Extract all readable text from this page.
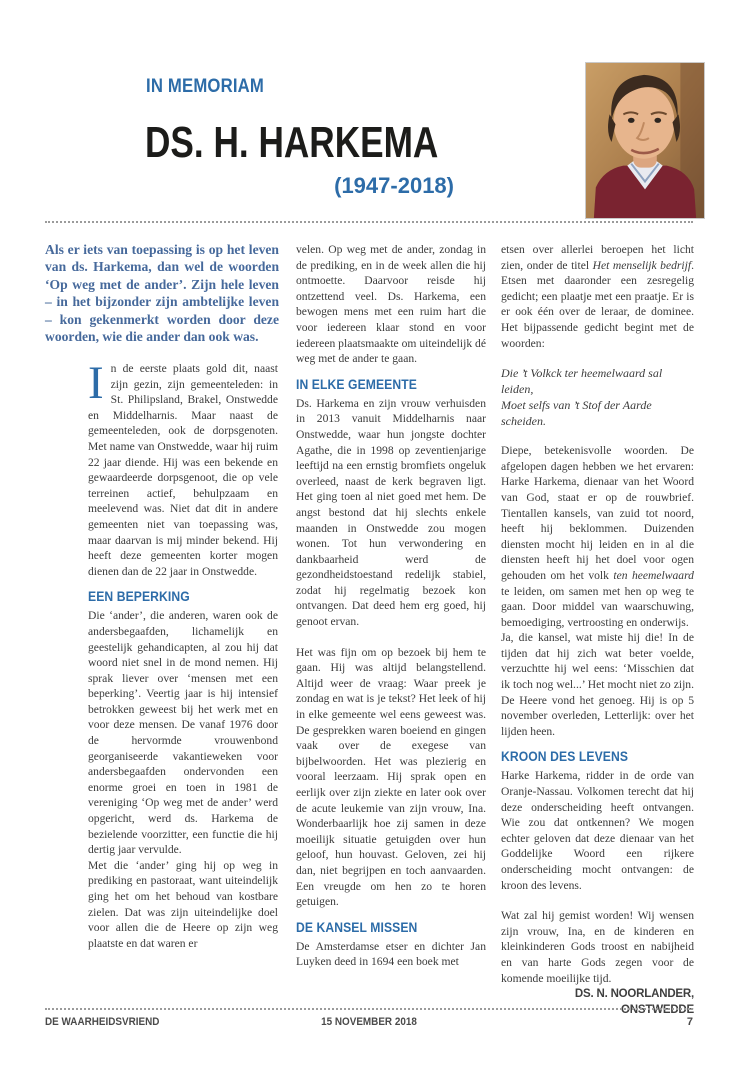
IN MEMORIAM
DS. H. HARKEMA
(1947-2018)

Als er iets van toepassing is op het leven van ds. Harkema, dan wel de woorden ‘Op weg met de ander’. Zijn hele leven – in het bijzonder zijn ambtelijke leven – kon gekenmerkt worden door deze woorden, wie die ander dan ook was.

In de eerste plaats gold dit, naast zijn gezin, zijn gemeenteleden: in St. Philipsland, Brakel, Onstwedde en Middelharnis. Maar naast de gemeenteleden, ook de dorpsgenoten. Met name van Onstwedde, waar hij ruim 22 jaar diende. Hij was een bekende en gewaardeerde dorpsgenoot, die op vele terreinen actief, behulpzaam en meelevend was. Niet dat dit in andere gemeenten niet van toepassing was, maar daarvan is mij minder bekend. Hij heeft deze gemeenten korter mogen dienen dan de 22 jaar in Onstwedde.

EEN BEPERKING

Die ‘ander’, die anderen, waren ook de andersbegaafden, lichamelijk en geestelijk gehandicapten, al zou hij dat woord niet snel in de mond nemen. Hij sprak liever over ‘mensen met een beperking’. Veertig jaar is hij intensief betrokken geweest bij het werk met en voor deze mensen. De vanaf 1976 door de hervormde vrouwenbond georganiseerde vakantieweken voor andersbegaafden ondervonden een enorme groei en toen in 1981 de vereniging ‘Op weg met de ander’ werd opgericht, werd ds. Harkema de bezielende voorzitter, een functie die hij dertig jaar vervulde.

Met die ‘ander’ ging hij op weg in prediking en pastoraat, want uiteindelijk ging het om het behoud van kostbare zielen. Dat was zijn uiteindelijke doel voor allen die de Heere op zijn weg plaatste en dat waren er

velen. Op weg met de ander, zondag in de prediking, en in de week allen die hij ontmoette. Daarvoor reisde hij ontzettend veel. Ds. Harkema, een bewogen mens met een ruim hart die voor iedereen klaar stond en voor iedereen plaatsmaakte om uiteindelijk dé weg met de ander te gaan.

IN ELKE GEMEENTE

Ds. Harkema en zijn vrouw verhuisden in 2013 vanuit Middelharnis naar Onstwedde, waar hun jongste dochter Agathe, die in 1998 op zeventienjarige leeftijd na een ernstig bromfiets ongeluk overleed, naast de kerk begraven ligt. Het ging toen al niet goed met hem. De angst bestond dat hij slechts enkele maanden in Onstwedde zou mogen wonen. Tot hun verwondering en dankbaarheid werd de gezondheidstoestand redelijk stabiel, zodat hij regelmatig bezoek kon ontvangen. Dat deed hem erg goed, hij genoot ervan.

Het was fijn om op bezoek bij hem te gaan. Hij was altijd belangstellend. Altijd weer de vraag: Waar preek je zondag en wat is je tekst? Het leek of hij in elke gemeente wel eens geweest was. De gesprekken waren boeiend en gingen vaak over de exegese van bijbelwoorden. Het was plezierig en vooral leerzaam. Hij sprak open en eerlijk over zijn ziekte en later ook over de acute leukemie van zijn vrouw, Ina. Wonderbaarlijk hoe zij samen in deze moeilijk situatie getuigden over hun geloof, hun houvast. Geloven, zei hij dan, niet begrijpen en toch aanvaarden. Een vreugde om hen zo te horen getuigen.

DE KANSEL MISSEN

De Amsterdamse etser en dichter Jan Luyken deed in 1694 een boek met

etsen over allerlei beroepen het licht zien, onder de titel Het menselijk bedrijf. Etsen met daaronder een zesregelig gedicht; een plaatje met een praatje. Er is er ook één over de leraar, de dominee. Het bijpassende gedicht begint met de woorden:

Die ’t Volkck ter heemelwaard sal leiden,
Moet selfs van ’t Stof der Aarde scheiden.

Diepe, betekenisvolle woorden. De afgelopen dagen hebben we het ervaren: Harke Harkema, dienaar van het Woord van God, staat er op de rouwbrief. Tientallen kansels, van zuid tot noord, heeft hij beklommen. Duizenden diensten mocht hij leiden en in al die diensten heeft hij het doel voor ogen gehouden om het volk ten heemelwaard te leiden, om samen met hen op weg te gaan. Door middel van waarschuwing, bemoediging, vertroosting en onderwijs.

Ja, die kansel, wat miste hij die! In de tijden dat hij zich wat beter voelde, verzuchtte hij wel eens: ‘Misschien dat ik toch nog wel...’ Het mocht niet zo zijn. De Heere vond het genoeg. Hij is op 5 november overleden, Letterlijk: over het lijden heen.

KROON DES LEVENS

Harke Harkema, ridder in de orde van Oranje-Nassau. Volkomen terecht dat hij deze onderscheiding heeft ontvangen. Wie zou dat ontkennen? We mogen echter geloven dat deze dienaar van het Goddelijke Woord een rijkere onderscheiding mocht ontvangen: de kroon des levens.

Wat zal hij gemist worden! Wij wensen zijn vrouw, Ina, en de kinderen en kleinkinderen Gods troost en nabijheid en van harte Gods zegen voor de komende moeilijke tijd.

DS. N. NOORLANDER, ONSTWEDDE

DE WAARHEIDSVRIEND	15 NOVEMBER 2018	7
